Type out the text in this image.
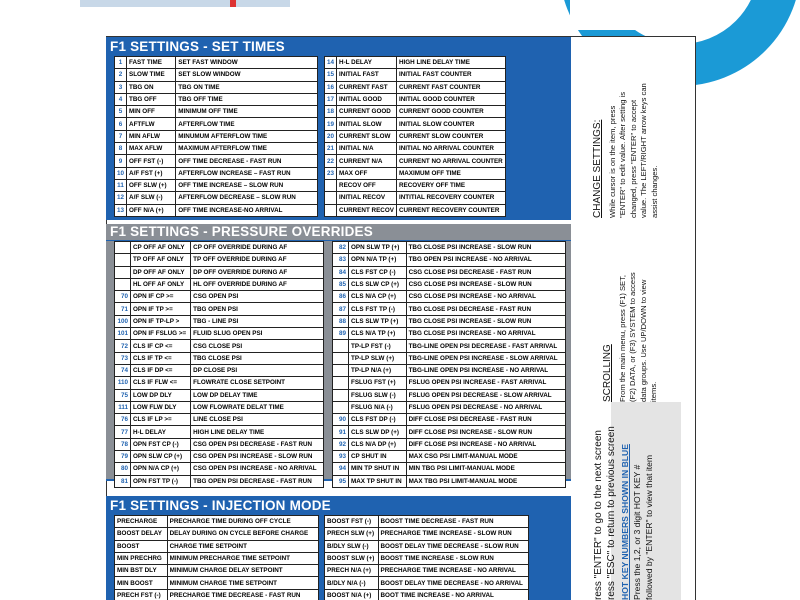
F1 SETTINGS - SET TIMES
1	FAST TIME	SET FAST WINDOW
2	SLOW TIME	SET SLOW WINDOW
3	TBG ON	TBG ON TIME
4	TBG OFF	TBG OFF TIME
5	MIN OFF	MINIMUM OFF TIME
6	AFTFLW	AFTERFLOW TIME
7	MIN AFLW	MINUMUM AFTERFLOW TIME
8	MAX AFLW	MAXIMUM AFTERFLOW TIME
9	OFF FST (-)	OFF TIME DECREASE - FAST RUN
10	A/F FST (+)	AFTERFLOW INCREASE – FAST RUN
11	OFF SLW (+)	OFF TIME INCREASE – SLOW RUN
12	A/F SLW (-)	AFTERFLOW DECREASE – SLOW RUN
13	OFF N/A (+)	OFF TIME INCREASE-NO ARRIVAL
14	H-L DELAY	HIGH LINE DELAY TIME
15	INITIAL FAST	INITIAL FAST COUNTER
16	CURRENT FAST	CURRENT FAST COUNTER
17	INITIAL GOOD	INITIAL GOOD COUNTER
18	CURRENT GOOD	CURRENT GOOD COUNTER
19	INITIAL SLOW	INITIAL SLOW COUNTER
20	CURRENT SLOW	CURRENT SLOW COUNTER
21	INITIAL N/A	INITIAL NO ARRIVAL COUNTER
22	CURRENT N/A	CURRENT NO ARRIVAL COUNTER
23	MAX OFF	MAXIMUM OFF TIME
	RECOV OFF	RECOVERY OFF TIME
	INITIAL RECOV	INTITIAL RECOVERY COUNTER
	CURRENT RECOV	CURRENT RECOVERY COUNTER
F1 SETTINGS - PRESSURE OVERRIDES
	CP OFF AF ONLY	CP OFF OVERRIDE DURING AF
	TP OFF AF ONLY	TP OFF OVERRIDE DURING AF
	DP OFF AF ONLY	DP OFF OVERRIDE DURING AF
	HL OFF AF ONLY	HL OFF OVERRIDE DURING AF
70	OPN IF CP >=	CSG OPEN PSI
71	OPN IF TP >=	TBG OPEN PSI
100	OPN IF TP-LP >	TBG - LINE PSI
101	OPN IF FSLUG >=	FLUID SLUG OPEN PSI
72	CLS IF CP <=	CSG CLOSE PSI
73	CLS IF TP <=	TBG CLOSE PSI
74	CLS IF DP <=	DP CLOSE PSI
110	CLS IF FLW <=	FLOWRATE CLOSE SETPOINT
75	LOW DP DLY	LOW DP DELAY TIME
111	LOW FLW DLY	LOW FLOWRATE DELAT TIME
76	CLS IF LP >=	LINE CLOSE PSI
77	H-L DELAY	HIGH LINE DELAY TIME
78	OPN FST CP (-)	CSG OPEN PSI DECREASE - FAST RUN
79	OPN SLW CP (+)	CSG OPEN PSI INCREASE - SLOW RUN
80	OPN N/A CP (+)	CSG OPEN PSI INCREASE - NO ARRIVAL
81	OPN FST TP (-)	TBG OPEN PSI DECREASE - FAST RUN
82	OPN SLW TP (+)	TBG CLOSE PSI INCREASE - SLOW RUN
83	OPN N/A TP (+)	TBG OPEN PSI INCREASE - NO ARRIVAL
84	CLS FST CP (-)	CSG CLOSE PSI DECREASE - FAST RUN
85	CLS SLW CP (+)	CSG CLOSE PSI INCREASE - SLOW RUN
86	CLS N/A CP (+)	CSG CLOSE PSI INCREASE - NO ARRIVAL
87	CLS FST TP (-)	TBG CLOSE PSI DECREASE - FAST RUN
88	CLS SLW TP (+)	TBG CLOSE PSI INCREASE - SLOW RUN
89	CLS N/A TP (+)	TBG CLOSE PSI INCREASE - NO ARRIVAL
	TP-LP FST (-)	TBG-LINE OPEN PSI DECREASE - FAST ARRIVAL
	TP-LP SLW (+)	TBG-LINE OPEN PSI INCREASE - SLOW ARRIVAL
	TP-LP N/A (+)	TBG-LINE OPEN PSI INCREASE - NO ARRIVAL
	FSLUG FST (+)	FSLUG OPEN PSI INCREASE - FAST ARRIVAL
	FSLUG SLW (-)	FSLUG OPEN PSI DECREASE - SLOW ARRIVAL
	FSLUG N/A (-)	FSLUG OPEN PSI DECREASE - NO ARRIVAL
90	CLS FST DP (-)	DIFF CLOSE PSI DECREASE - FAST RUN
91	CLS SLW DP (+)	DIFF CLOSE PSI INCREASE - SLOW RUN
92	CLS N/A DP (+)	DIFF CLOSE PSI INCREASE - NO ARRIVAL
93	CP SHUT IN	MAX CSG PSI LIMIT-MANUAL MODE
94	MIN TP SHUT IN	MIN TBG PSI LIMIT-MANUAL MODE
95	MAX TP SHUT IN	MAX TBG PSI LIMIT-MANUAL MODE
F1 SETTINGS - INJECTION MODE
PRECHARGE	PRECHARGE TIME DURING OFF CYCLE
BOOST DELAY	DELAY DURING ON CYCLE BEFORE CHARGE
BOOST	CHARGE TIME SETPOINT
MIN PRECHRG	MINIMUM PRECHARGE TIME SETPOINT
MIN BST DLY	MINIMUM CHARGE DELAY SETPOINT
MIN BOOST	MINIMUM CHARGE TIME SETPOINT
PRECH FST (-)	PRECHARGE TIME DECREASE - FAST RUN
BOOST FST (-)	BOOST TIME DECREASE - FAST RUN
PRECH SLW (+)	PRECHARGE TIME INCREASE - SLOW RUN
B/DLY SLW (-)	BOOST DELAY TIME DECREASE - SLOW RUN
BOOST SLW (+)	BOOST TIME INCREASE - SLOW RUN
PRECH N/A (+)	PRECHARGE TIME INCREASE - NO ARRIVAL
B/DLY N/A (-)	BOOST DELAY TIME DECREASE - NO ARRIVAL
BOOST N/A (+)	BOOT TIME INCREASE - NO ARRIVAL
CHANGE SETTINGS: While cursor is on the item, press "ENTER" to edit value. After setting is changed, press "ENTER" to accept value. The LEFT/RIGHT arrow keys can assist changes.
SCROLLING From the main menu, press (F1) SET, (F2) DATA, or (F3) SYSTEM to access data groups. Use UP/DOWN to view items.
ress "ENTER" to go to the next screen ress "ESC" to return to previous screen HOT KEY NUMBERS SHOWN IN BLUE Press the 1,2, or 3 digit HOT KEY # followed by "ENTER" to view that item
